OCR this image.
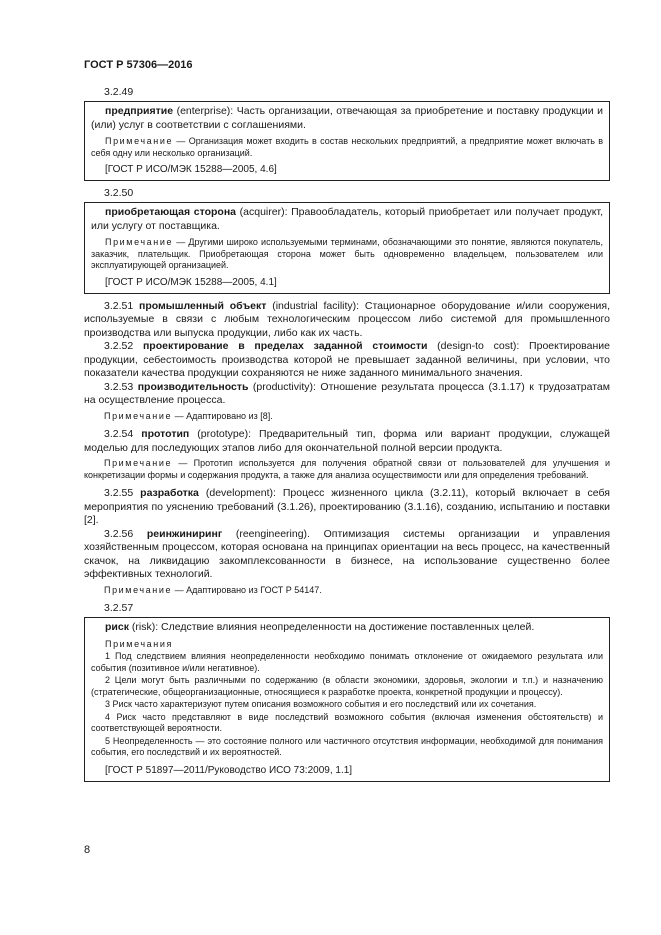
ГОСТ Р 57306—2016
3.2.49

предприятие (enterprise): Часть организации, отвечающая за приобретение и поставку продукции и (или) услуг в соответствии с соглашениями.

Примечание — Организация может входить в состав нескольких предприятий, а предприятие может включать в себя одну или несколько организаций.

[ГОСТ Р ИСО/МЭК 15288—2005, 4.6]

3.2.50

приобретающая сторона (acquirer): Правообладатель, который приобретает или получает продукт, или услугу от поставщика.

Примечание — Другими широко используемыми терминами, обозначающими это понятие, являются покупатель, заказчик, плательщик. Приобретающая сторона может быть одновременно владельцем, пользователем или эксплуатирующей организацией.

[ГОСТ Р ИСО/МЭК 15288—2005, 4.1]

3.2.51 промышленный объект (industrial facility): Стационарное оборудование и/или сооружения, используемые в связи с любым технологическим процессом либо системой для промышленного производства или выпуска продукции, либо как их часть.

3.2.52 проектирование в пределах заданной стоимости (design-to cost): Проектирование продукции, себестоимость производства которой не превышает заданной величины, при условии, что показатели качества продукции сохраняются не ниже заданного минимального значения.

3.2.53 производительность (productivity): Отношение результата процесса (3.1.17) к трудозатратам на осуществление процесса.

Примечание — Адаптировано из [8].

3.2.54 прототип (prototype): Предварительный тип, форма или вариант продукции, служащей моделью для последующих этапов либо для окончательной полной версии продукта.

Примечание — Прототип используется для получения обратной связи от пользователей для улучшения и конкретизации формы и содержания продукта, а также для анализа осуществимости или для определения требований.

3.2.55 разработка (development): Процесс жизненного цикла (3.2.11), который включает в себя мероприятия по уяснению требований (3.1.26), проектированию (3.1.16), созданию, испытанию и поставки [2].

3.2.56 реинжиниринг (reengineering). Оптимизация системы организации и управления хозяйственным процессом, которая основана на принципах ориентации на весь процесс, на качественный скачок, на ликвидацию закомплексованности в бизнесе, на использование существенно более эффективных технологий.

Примечание — Адаптировано из ГОСТ Р 54147.

3.2.57

риск (risk): Следствие влияния неопределенности на достижение поставленных целей.

Примечания

1 Под следствием влияния неопределенности необходимо понимать отклонение от ожидаемого результата или события (позитивное и/или негативное).

2 Цели могут быть различными по содержанию (в области экономики, здоровья, экологии и т.п.) и назначению (стратегические, общеорганизационные, относящиеся к разработке проекта, конкретной продукции и процессу).

3 Риск часто характеризуют путем описания возможного события и его последствий или их сочетания.

4 Риск часто представляют в виде последствий возможного события (включая изменения обстоятельств) и соответствующей вероятности.

5 Неопределенность — это состояние полного или частичного отсутствия информации, необходимой для понимания события, его последствий и их вероятностей.

[ГОСТ Р 51897—2011/Руководство ИСО 73:2009, 1.1]

8
